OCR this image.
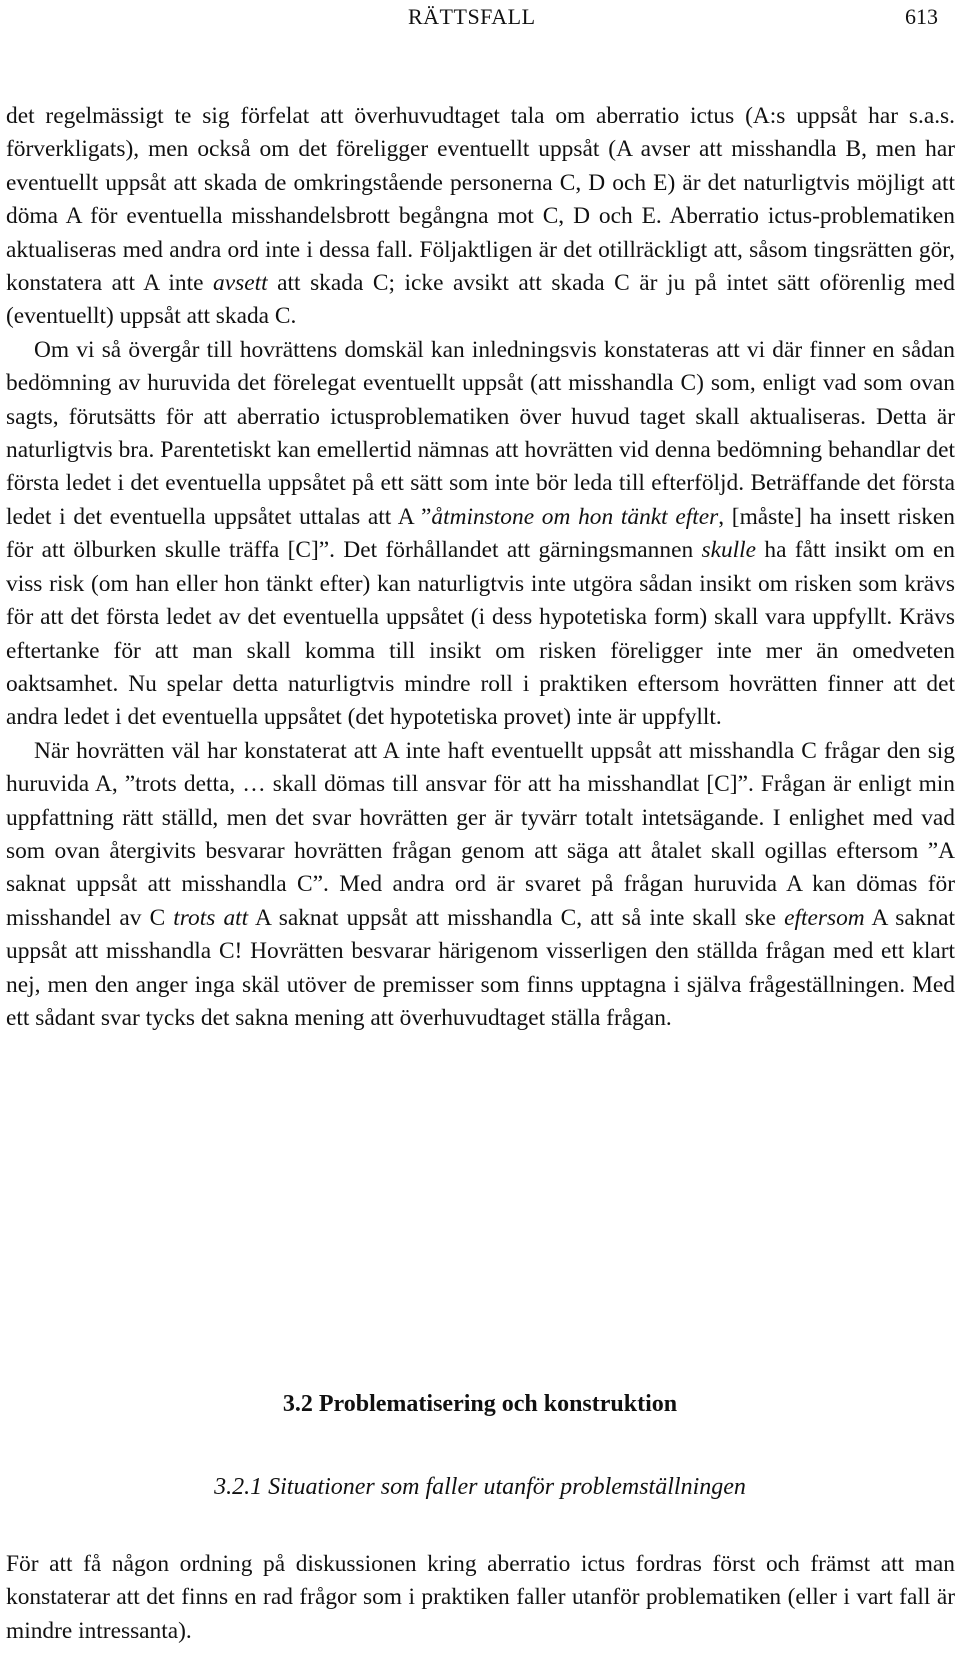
RÄTTSFALL	613

det regelmässigt te sig förfelat att överhuvudtaget tala om aberratio ictus (A:s uppsåt har s.a.s. förverkligats), men också om det föreligger eventuellt uppsåt (A avser att misshandla B, men har eventuellt uppsåt att skada de omkringstående personerna C, D och E) är det naturligtvis möjligt att döma A för eventuella misshandelsbrott begångna mot C, D och E. Aberratio ictus-problematiken aktualiseras med andra ord inte i dessa fall. Följaktligen är det otillräckligt att, såsom tingsrätten gör, konstatera att A inte avsett att skada C; icke avsikt att skada C är ju på intet sätt oförenlig med (eventuellt) uppsåt att skada C.

Om vi så övergår till hovrättens domskäl kan inledningsvis konstateras att vi där finner en sådan bedömning av huruvida det förelegat eventuellt uppsåt (att misshandla C) som, enligt vad som ovan sagts, förutsätts för att aberratio ictusproblematiken över huvud taget skall aktualiseras. Detta är naturligtvis bra. Parentetiskt kan emellertid nämnas att hovrätten vid denna bedömning behandlar det första ledet i det eventuella uppsåtet på ett sätt som inte bör leda till efterföljd. Beträffande det första ledet i det eventuella uppsåtet uttalas att A ”åtminstone om hon tänkt efter, [måste] ha insett risken för att ölburken skulle träffa [C]”. Det förhållandet att gärningsmannen skulle ha fått insikt om en viss risk (om han eller hon tänkt efter) kan naturligtvis inte utgöra sådan insikt om risken som krävs för att det första ledet av det eventuella uppsåtet (i dess hypotetiska form) skall vara uppfyllt. Krävs eftertanke för att man skall komma till insikt om risken föreligger inte mer än omedveten oaktsamhet. Nu spelar detta naturligtvis mindre roll i praktiken eftersom hovrätten finner att det andra ledet i det eventuella uppsåtet (det hypotetiska provet) inte är uppfyllt.

När hovrätten väl har konstaterat att A inte haft eventuellt uppsåt att misshandla C frågar den sig huruvida A, ”trots detta, … skall dömas till ansvar för att ha misshandlat [C]”. Frågan är enligt min uppfattning rätt ställd, men det svar hovrätten ger är tyvärr totalt intetsägande. I enlighet med vad som ovan återgivits besvarar hovrätten frågan genom att säga att åtalet skall ogillas eftersom ”A saknat uppsåt att misshandla C”. Med andra ord är svaret på frågan huruvida A kan dömas för misshandel av C trots att A saknat uppsåt att misshandla C, att så inte skall ske eftersom A saknat uppsåt att misshandla C! Hovrätten besvarar härigenom visserligen den ställda frågan med ett klart nej, men den anger inga skäl utöver de premisser som finns upptagna i själva frågeställningen. Med ett sådant svar tycks det sakna mening att överhuvudtaget ställa frågan.

3.2 Problematisering och konstruktion
3.2.1 Situationer som faller utanför problemställningen

För att få någon ordning på diskussionen kring aberratio ictus fordras först och främst att man konstaterar att det finns en rad frågor som i praktiken faller utanför problematiken (eller i vart fall är mindre intressanta).
